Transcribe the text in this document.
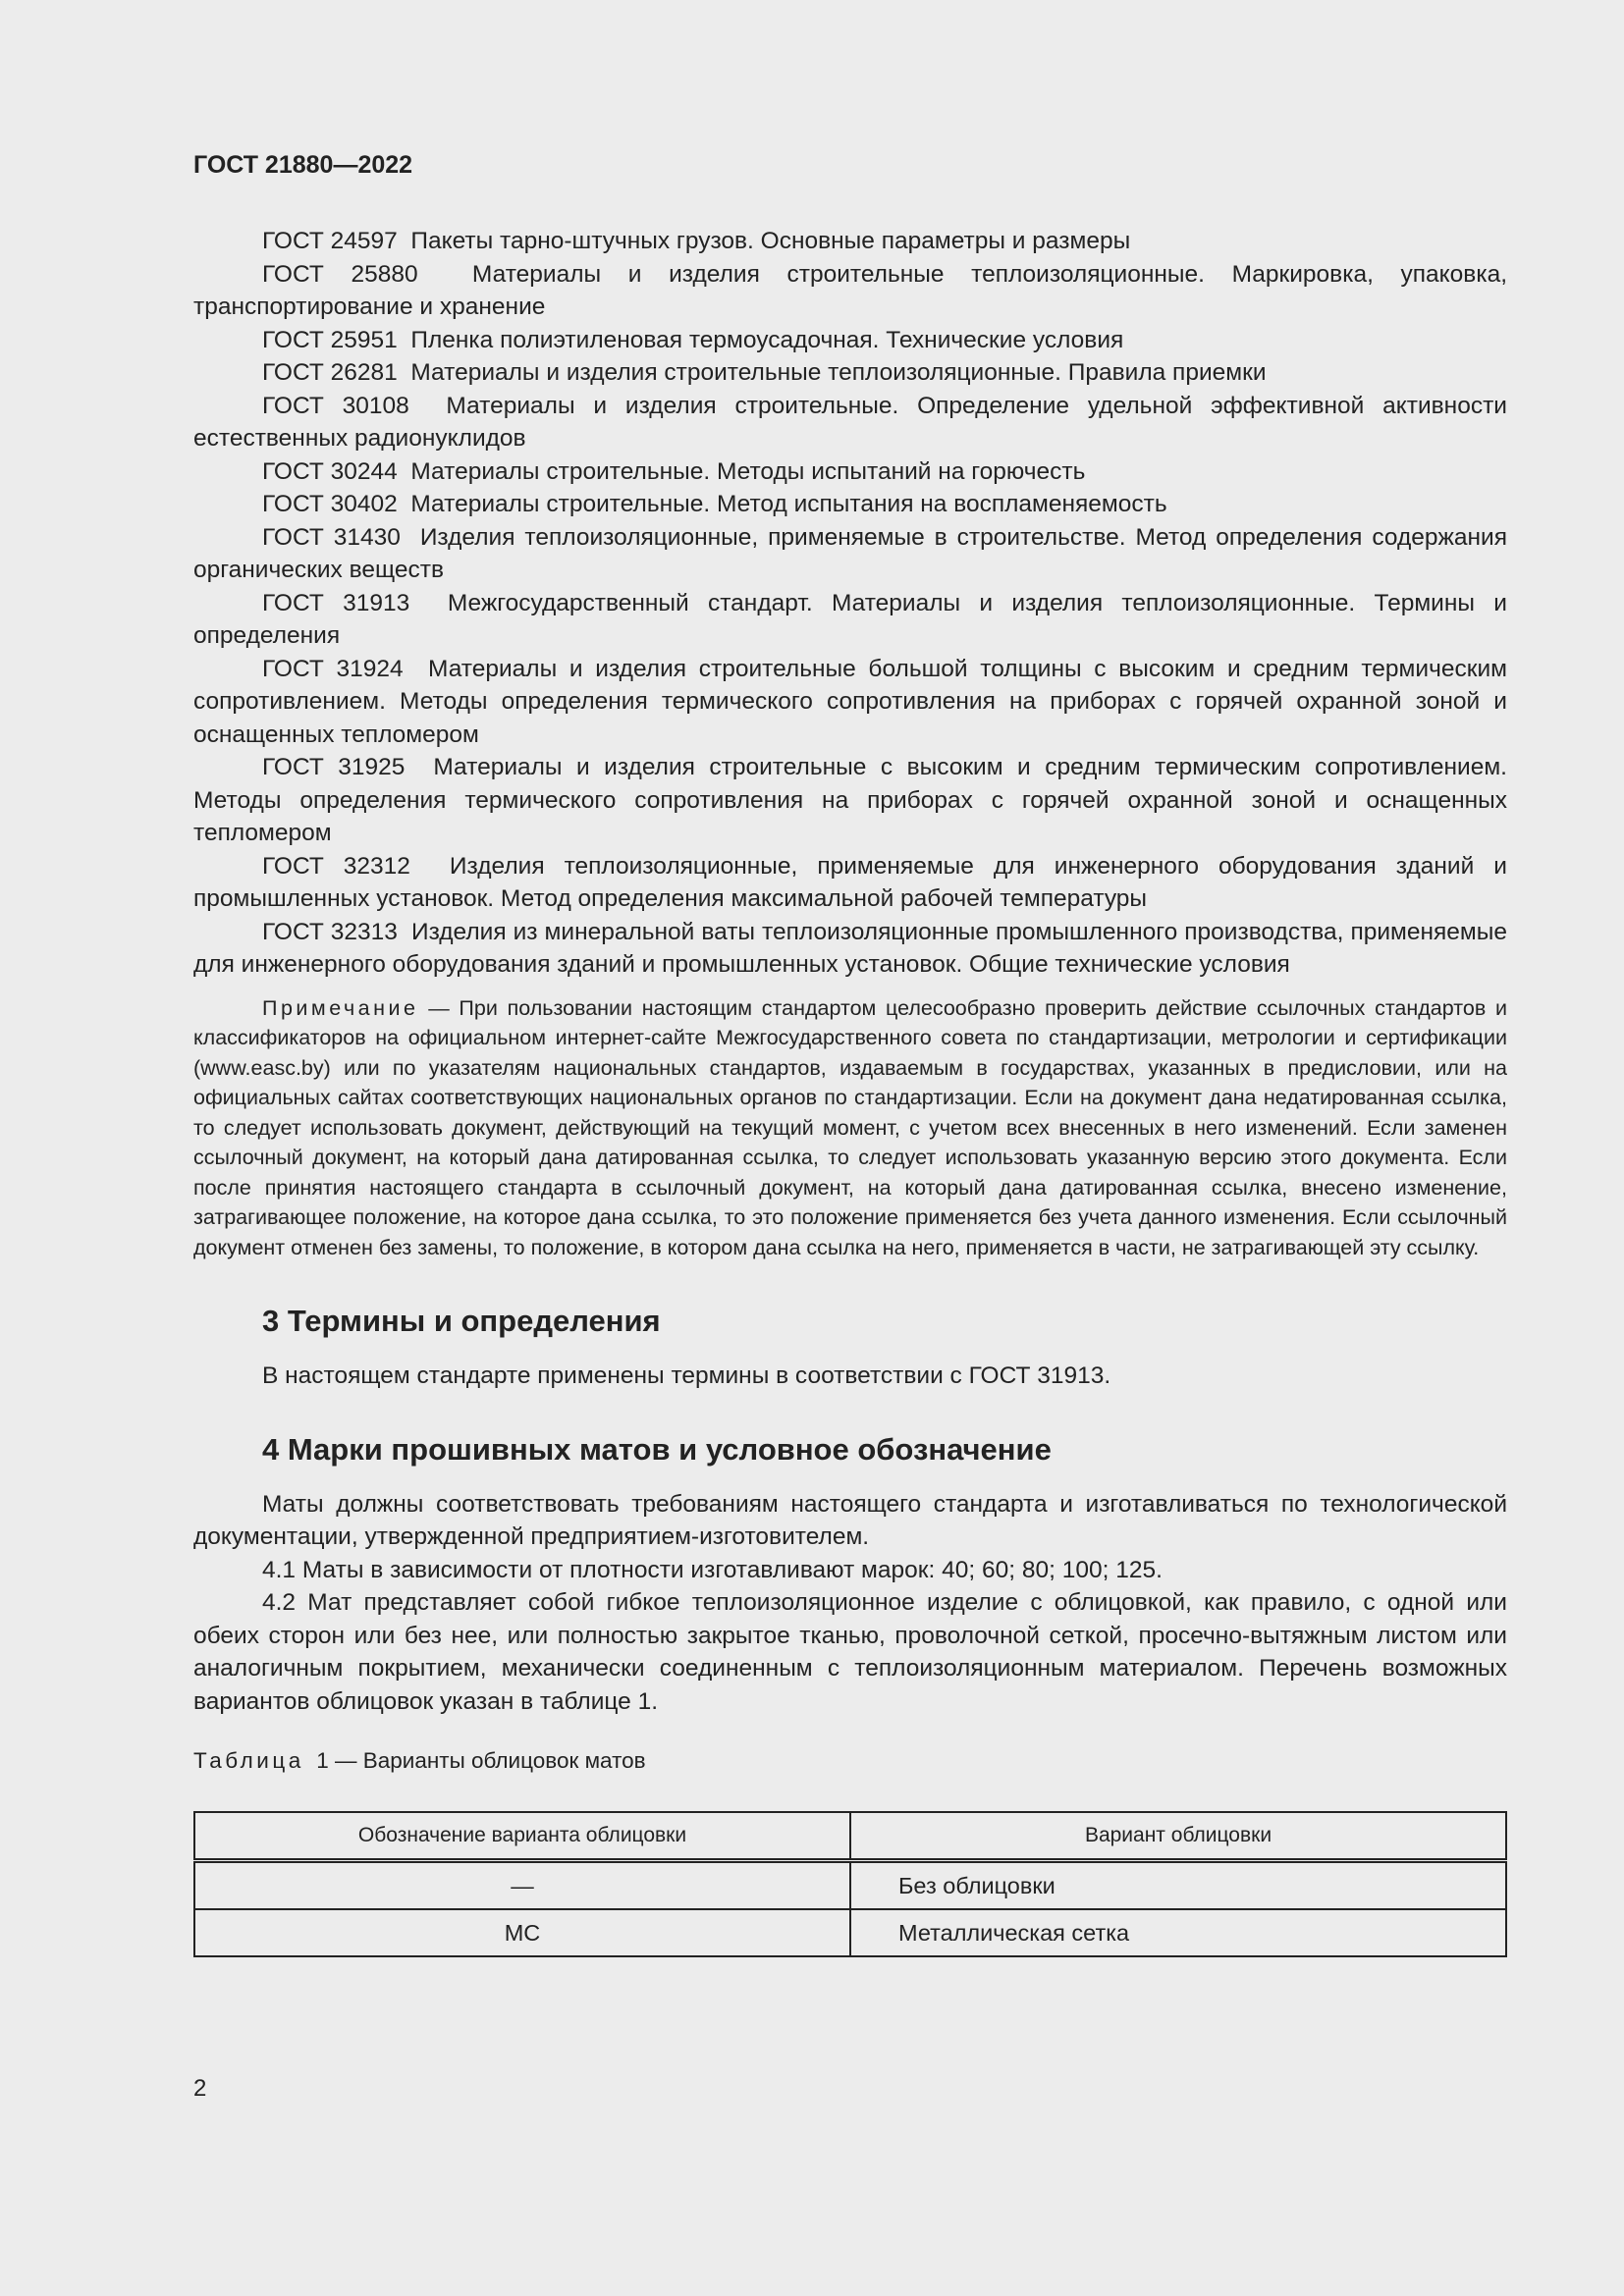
ГОСТ 21880—2022

ГОСТ 24597 Пакеты тарно-штучных грузов. Основные параметры и размеры

ГОСТ 25880 Материалы и изделия строительные теплоизоляционные. Маркировка, упаковка, транспортирование и хранение

ГОСТ 25951 Пленка полиэтиленовая термоусадочная. Технические условия

ГОСТ 26281 Материалы и изделия строительные теплоизоляционные. Правила приемки

ГОСТ 30108 Материалы и изделия строительные. Определение удельной эффективной активности естественных радионуклидов

ГОСТ 30244 Материалы строительные. Методы испытаний на горючесть

ГОСТ 30402 Материалы строительные. Метод испытания на воспламеняемость

ГОСТ 31430 Изделия теплоизоляционные, применяемые в строительстве. Метод определения содержания органических веществ

ГОСТ 31913 Межгосударственный стандарт. Материалы и изделия теплоизоляционные. Термины и определения

ГОСТ 31924 Материалы и изделия строительные большой толщины с высоким и средним термическим сопротивлением. Методы определения термического сопротивления на приборах с горячей охранной зоной и оснащенных тепломером

ГОСТ 31925 Материалы и изделия строительные с высоким и средним термическим сопротивлением. Методы определения термического сопротивления на приборах с горячей охранной зоной и оснащенных тепломером

ГОСТ 32312 Изделия теплоизоляционные, применяемые для инженерного оборудования зданий и промышленных установок. Метод определения максимальной рабочей температуры

ГОСТ 32313 Изделия из минеральной ваты теплоизоляционные промышленного производства, применяемые для инженерного оборудования зданий и промышленных установок. Общие технические условия

Примечание — При пользовании настоящим стандартом целесообразно проверить действие ссылочных стандартов и классификаторов на официальном интернет-сайте Межгосударственного совета по стандартизации, метрологии и сертификации (www.easc.by) или по указателям национальных стандартов, издаваемым в государствах, указанных в предисловии, или на официальных сайтах соответствующих национальных органов по стандартизации. Если на документ дана недатированная ссылка, то следует использовать документ, действующий на текущий момент, с учетом всех внесенных в него изменений. Если заменен ссылочный документ, на который дана датированная ссылка, то следует использовать указанную версию этого документа. Если после принятия настоящего стандарта в ссылочный документ, на который дана датированная ссылка, внесено изменение, затрагивающее положение, на которое дана ссылка, то это положение применяется без учета данного изменения. Если ссылочный документ отменен без замены, то положение, в котором дана ссылка на него, применяется в части, не затрагивающей эту ссылку.

3 Термины и определения

В настоящем стандарте применены термины в соответствии с ГОСТ 31913.

4 Марки прошивных матов и условное обозначение

Маты должны соответствовать требованиям настоящего стандарта и изготавливаться по технологической документации, утвержденной предприятием-изготовителем.

4.1 Маты в зависимости от плотности изготавливают марок: 40; 60; 80; 100; 125.

4.2 Мат представляет собой гибкое теплоизоляционное изделие с облицовкой, как правило, с одной или обеих сторон или без нее, или полностью закрытое тканью, проволочной сеткой, просечно-вытяжным листом или аналогичным покрытием, механически соединенным с теплоизоляционным материалом. Перечень возможных вариантов облицовок указан в таблице 1.

Таблица 1 — Варианты облицовок матов

Обозначение варианта облицовки	Вариант облицовки
—	Без облицовки
МС	Металлическая сетка
2
